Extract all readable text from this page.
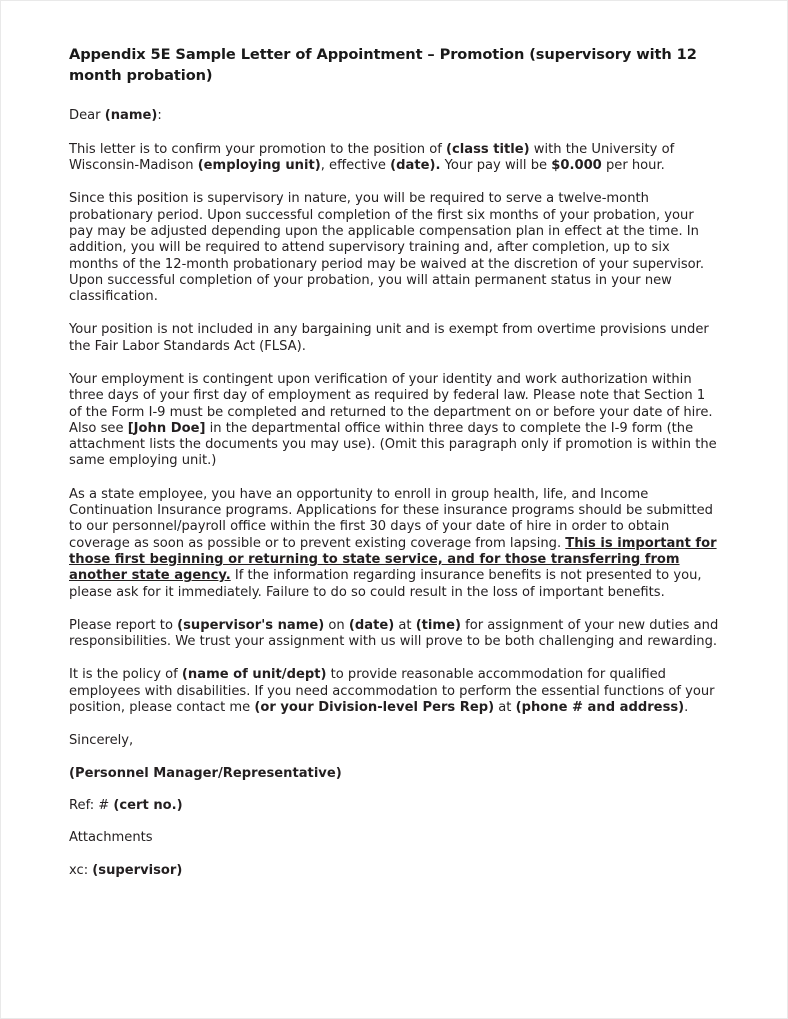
Appendix 5E Sample Letter of Appointment – Promotion (supervisory with 12 month probation)

Dear (name):

This letter is to confirm your promotion to the position of (class title) with the University of Wisconsin-Madison (employing unit), effective (date). Your pay will be $0.000 per hour.

Since this position is supervisory in nature, you will be required to serve a twelve-month probationary period. Upon successful completion of the first six months of your probation, your pay may be adjusted depending upon the applicable compensation plan in effect at the time. In addition, you will be required to attend supervisory training and, after completion, up to six months of the 12-month probationary period may be waived at the discretion of your supervisor. Upon successful completion of your probation, you will attain permanent status in your new classification.

Your position is not included in any bargaining unit and is exempt from overtime provisions under the Fair Labor Standards Act (FLSA).

Your employment is contingent upon verification of your identity and work authorization within three days of your first day of employment as required by federal law. Please note that Section 1 of the Form I-9 must be completed and returned to the department on or before your date of hire. Also see [John Doe] in the departmental office within three days to complete the I-9 form (the attachment lists the documents you may use). (Omit this paragraph only if promotion is within the same employing unit.)

As a state employee, you have an opportunity to enroll in group health, life, and Income Continuation Insurance programs. Applications for these insurance programs should be submitted to our personnel/payroll office within the first 30 days of your date of hire in order to obtain coverage as soon as possible or to prevent existing coverage from lapsing. This is important for those first beginning or returning to state service, and for those transferring from another state agency. If the information regarding insurance benefits is not presented to you, please ask for it immediately. Failure to do so could result in the loss of important benefits.

Please report to (supervisor's name) on (date) at (time) for assignment of your new duties and responsibilities. We trust your assignment with us will prove to be both challenging and rewarding.

It is the policy of (name of unit/dept) to provide reasonable accommodation for qualified employees with disabilities. If you need accommodation to perform the essential functions of your position, please contact me (or your Division-level Pers Rep) at (phone # and address).

Sincerely,

(Personnel Manager/Representative)

Ref: # (cert no.)

Attachments

xc: (supervisor)
